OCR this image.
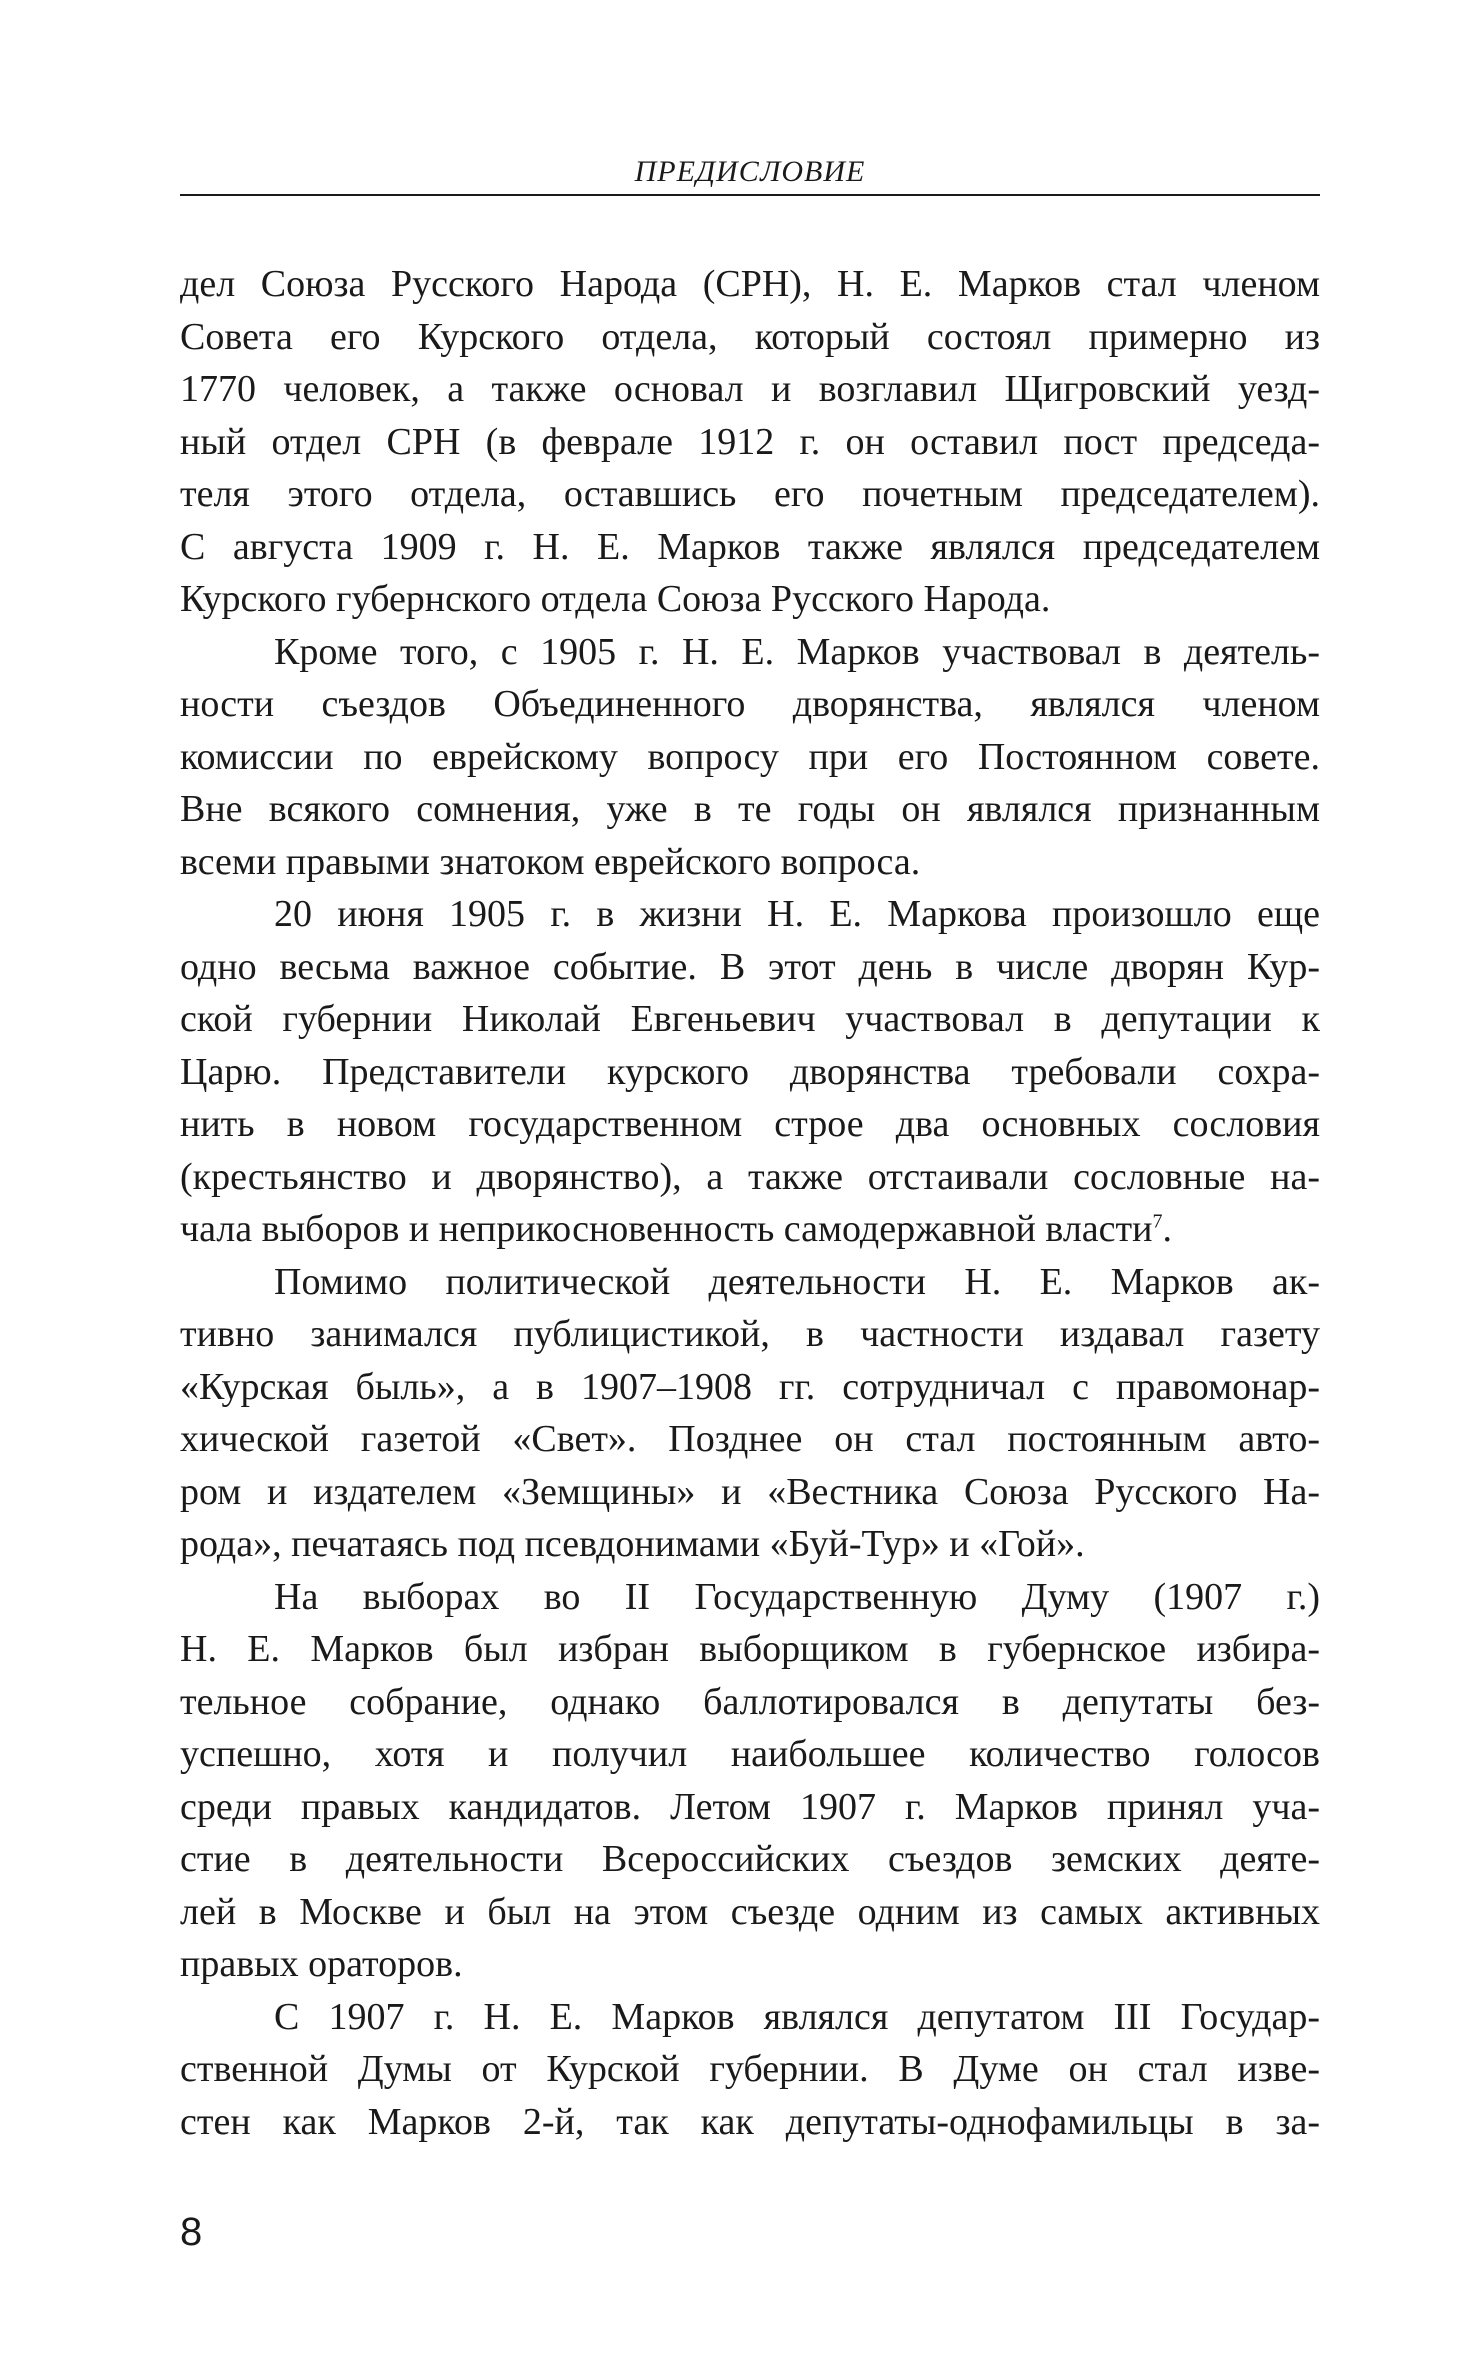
ПРЕДИСЛОВИЕ
дел Союза Русского Народа (СРН), Н. Е. Марков стал членом
Совета его Курского отдела, который состоял примерно из
1770 человек, а также основал и возглавил Щигровский уезд-
ный отдел СРН (в феврале 1912 г. он оставил пост председа-
теля этого отдела, оставшись его почетным председателем).
С августа 1909 г. Н. Е. Марков также являлся председателем
Курского губернского отдела Союза Русского Народа.
Кроме того, с 1905 г. Н. Е. Марков участвовал в деятель-
ности съездов Объединенного дворянства, являлся членом
комиссии по еврейскому вопросу при его Постоянном совете.
Вне всякого сомнения, уже в те годы он являлся признанным
всеми правыми знатоком еврейского вопроса.
20 июня 1905 г. в жизни Н. Е. Маркова произошло еще
одно весьма важное событие. В этот день в числе дворян Кур-
ской губернии Николай Евгеньевич участвовал в депутации к
Царю. Представители курского дворянства требовали сохра-
нить в новом государственном строе два основных сословия
(крестьянство и дворянство), а также отстаивали сословные на-
чала выборов и неприкосновенность самодержавной власти$^7$.
Помимо политической деятельности Н. Е. Марков ак-
тивно занимался публицистикой, в частности издавал газету
«Курская быль», а в 1907–1908 гг. сотрудничал с правомонар-
хической газетой «Свет». Позднее он стал постоянным авто-
ром и издателем «Земщины» и «Вестника Союза Русского На-
рода», печатаясь под псевдонимами «Буй-Тур» и «Гой».
На выборах во II Государственную Думу (1907 г.)
Н. Е. Марков был избран выборщиком в губернское избира-
тельное собрание, однако баллотировался в депутаты без-
успешно, хотя и получил наибольшее количество голосов
среди правых кандидатов. Летом 1907 г. Марков принял уча-
стие в деятельности Всероссийских съездов земских деяте-
лей в Москве и был на этом съезде одним из самых активных
правых ораторов.
С 1907 г. Н. Е. Марков являлся депутатом III Государ-
ственной Думы от Курской губернии. В Думе он стал изве-
стен как Марков 2-й, так как депутаты-однофамильцы в за-
8
